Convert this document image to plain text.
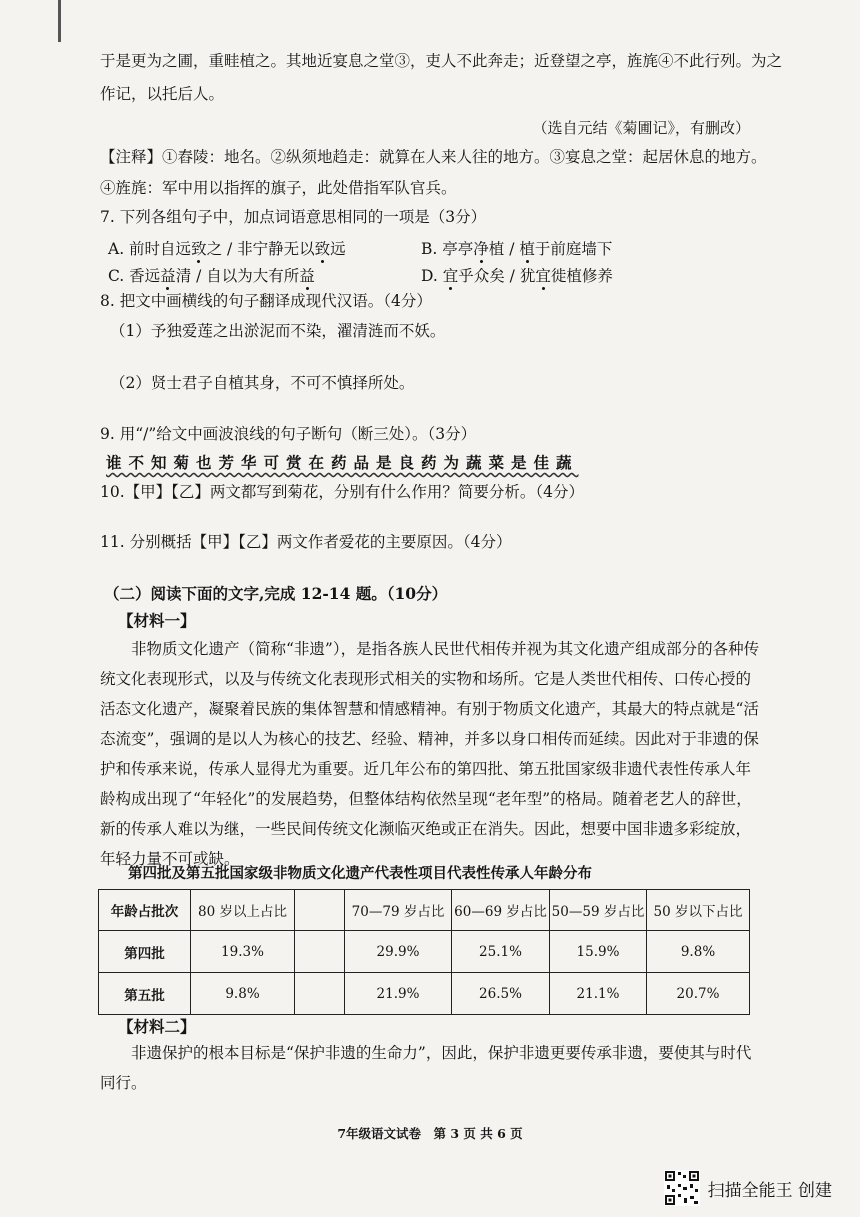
于是更为之圃，重畦植之。其地近宴息之堂③，吏人不此奔走；近登望之亭，旌旄④不此行列。为之
作记，以托后人。
（选自元结《菊圃记》，有删改）
【注释】①舂陵：地名。②纵须地趋走：就算在人来人往的地方。③宴息之堂：起居休息的地方。
④旌旄：军中用以指挥的旗子，此处借指军队官兵。
7. 下列各组句子中，加点词语意思相同的一项是（3分）
A. 前时自远致之 / 非宁静无以致远	B. 亭亭净植 / 植于前庭墙下
C. 香远益清 / 自以为大有所益	D. 宜乎众矣 / 犹宜徙植修养
8. 把文中画横线的句子翻译成现代汉语。（4分）
（1）予独爱莲之出淤泥而不染，濯清涟而不妖。
（2）贤士君子自植其身，不可不慎择所处。
9. 用“/”给文中画波浪线的句子断句（断三处）。（3分）
谁不知菊也芳华可赏在药品是良药为蔬菜是佳蔬
10.【甲】【乙】两文都写到菊花，分别有什么作用？简要分析。（4分）
11. 分别概括【甲】【乙】两文作者爱花的主要原因。（4分）
（二）阅读下面的文字,完成 12-14 题。（10分）
【材料一】
非物质文化遗产（简称“非遗”），是指各族人民世代相传并视为其文化遗产组成部分的各种传统文化表现形式，以及与传统文化表现形式相关的实物和场所。它是人类世代相传、口传心授的活态文化遗产，凝聚着民族的集体智慧和情感精神。有别于物质文化遗产，其最大的特点就是“活态流变”，强调的是以人为核心的技艺、经验、精神，并多以身口相传而延续。因此对于非遗的保护和传承来说，传承人显得尤为重要。近几年公布的第四批、第五批国家级非遗代表性传承人年龄构成出现了“年轻化”的发展趋势，但整体结构依然呈现“老年型”的格局。随着老艺人的辞世，新的传承人难以为继，一些民间传统文化濒临灭绝或正在消失。因此，想要中国非遗多彩绽放，年轻力量不可或缺。
第四批及第五批国家级非物质文化遗产代表性项目代表性传承人年龄分布
年龄占批次	80 岁以上占比		70—79 岁占比	60—69 岁占比	50—59 岁占比	50 岁以下占比
第四批	19.3%		29.9%	25.1%	15.9%	9.8%
第五批	9.8%		21.9%	26.5%	21.1%	20.7%
【材料二】
非遗保护的根本目标是“保护非遗的生命力”，因此，保护非遗更要传承非遗，要使其与时代同行。
7年级语文试卷　第 3 页 共 6 页
扫描全能王 创建
